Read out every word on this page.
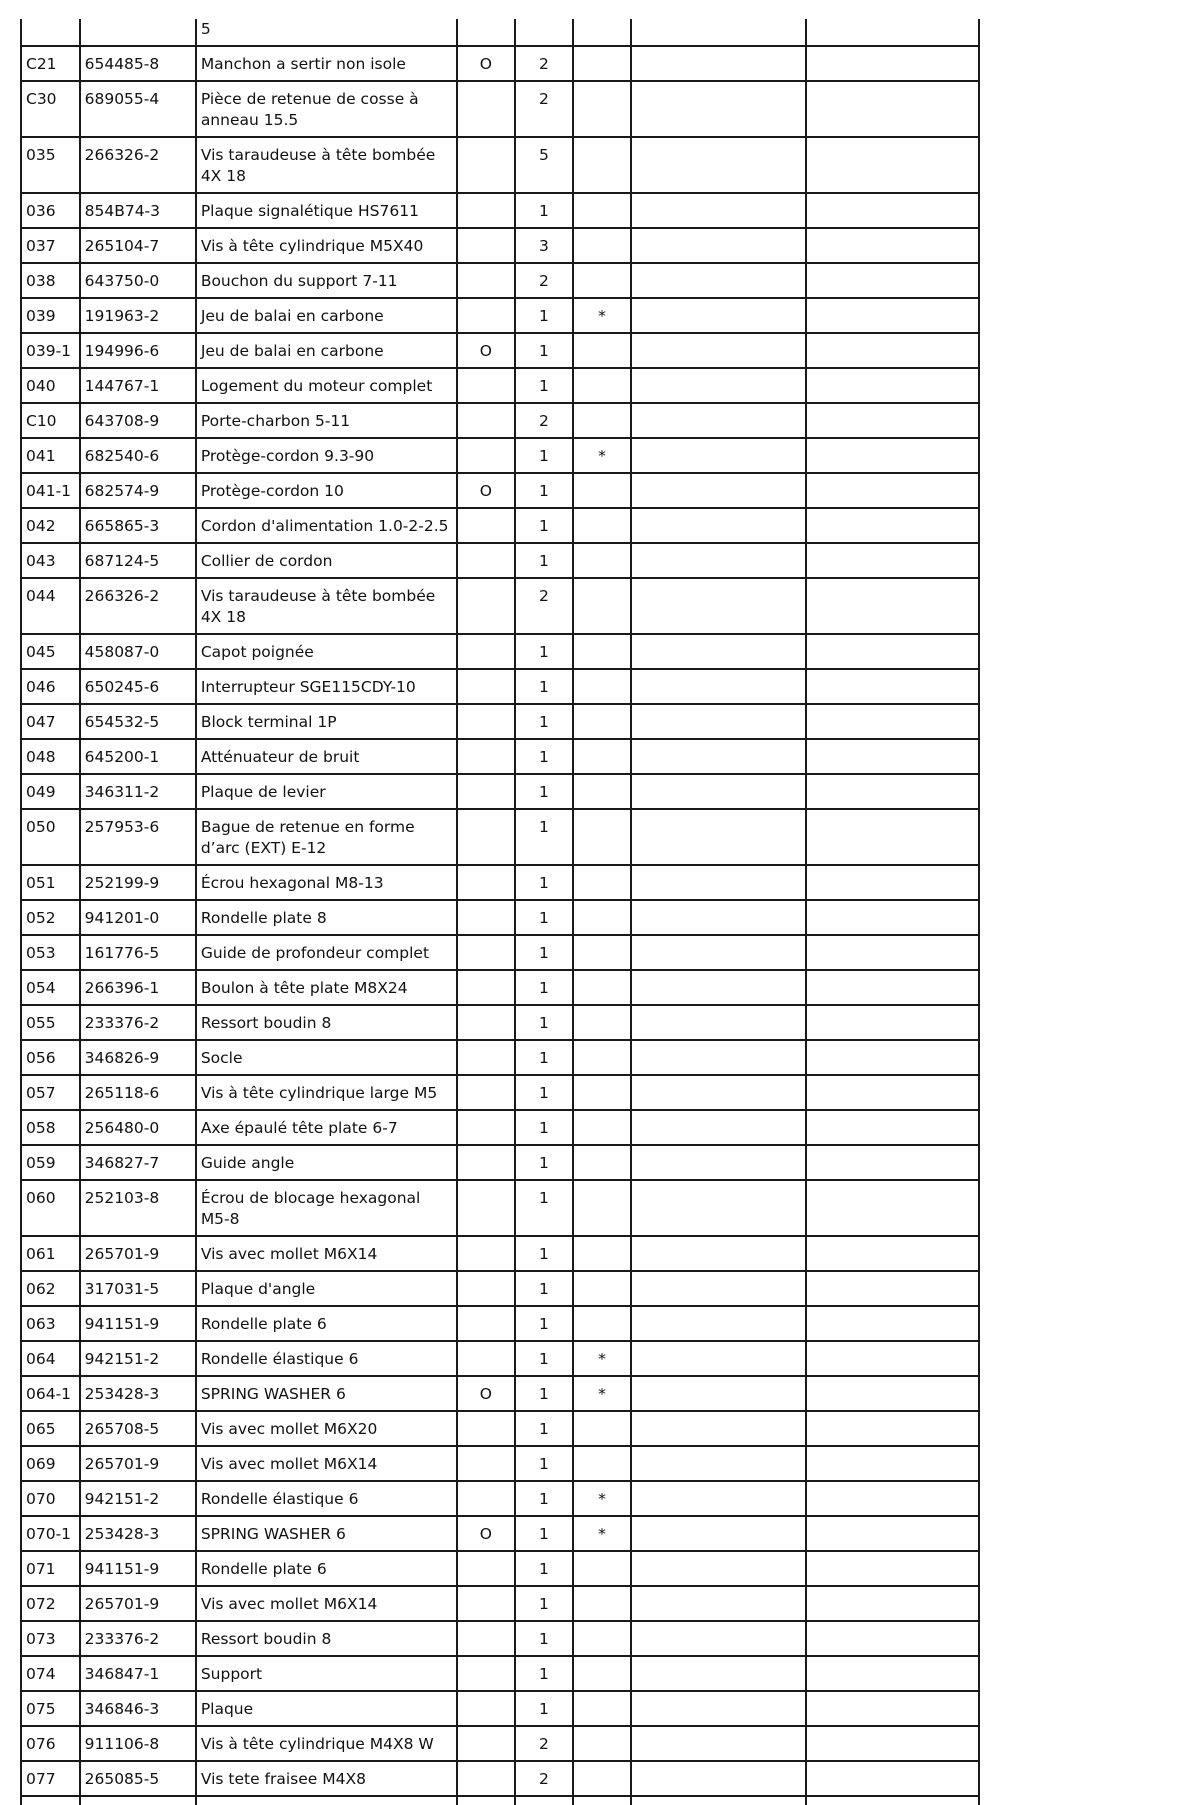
		5					
C21	654485-8	Manchon a sertir non isole	O	2			
C30	689055-4	Pièce de retenue de cosse à anneau 15.5		2			
035	266326-2	Vis taraudeuse à tête bombée 4X 18		5			
036	854B74-3	Plaque signalétique HS7611		1			
037	265104-7	Vis à tête cylindrique M5X40		3			
038	643750-0	Bouchon du support 7-11		2			
039	191963-2	Jeu de balai en carbone		1	*		
039-1	194996-6	Jeu de balai en carbone	O	1			
040	144767-1	Logement du moteur complet		1			
C10	643708-9	Porte-charbon 5-11		2			
041	682540-6	Protège-cordon 9.3-90		1	*		
041-1	682574-9	Protège-cordon 10	O	1			
042	665865-3	Cordon d'alimentation 1.0-2-2.5		1			
043	687124-5	Collier de cordon		1			
044	266326-2	Vis taraudeuse à tête bombée 4X 18		2			
045	458087-0	Capot poignée		1			
046	650245-6	Interrupteur SGE115CDY-10		1			
047	654532-5	Block terminal 1P		1			
048	645200-1	Atténuateur de bruit		1			
049	346311-2	Plaque de levier		1			
050	257953-6	Bague de retenue en forme d’arc (EXT) E-12		1			
051	252199-9	Écrou hexagonal M8-13		1			
052	941201-0	Rondelle plate 8		1			
053	161776-5	Guide de profondeur complet		1			
054	266396-1	Boulon à tête plate M8X24		1			
055	233376-2	Ressort boudin 8		1			
056	346826-9	Socle		1			
057	265118-6	Vis à tête cylindrique large M5		1			
058	256480-0	Axe épaulé tête plate 6-7		1			
059	346827-7	Guide angle		1			
060	252103-8	Écrou de blocage hexagonal M5-8		1			
061	265701-9	Vis avec mollet M6X14		1			
062	317031-5	Plaque d'angle		1			
063	941151-9	Rondelle plate 6		1			
064	942151-2	Rondelle élastique 6		1	*		
064-1	253428-3	SPRING WASHER 6	O	1	*		
065	265708-5	Vis avec mollet M6X20		1			
069	265701-9	Vis avec mollet M6X14		1			
070	942151-2	Rondelle élastique 6		1	*		
070-1	253428-3	SPRING WASHER 6	O	1	*		
071	941151-9	Rondelle plate 6		1			
072	265701-9	Vis avec mollet M6X14		1			
073	233376-2	Ressort boudin 8		1			
074	346847-1	Support		1			
075	346846-3	Plaque		1			
076	911106-8	Vis à tête cylindrique M4X8 W		2			
077	265085-5	Vis tete fraisee M4X8		2			
